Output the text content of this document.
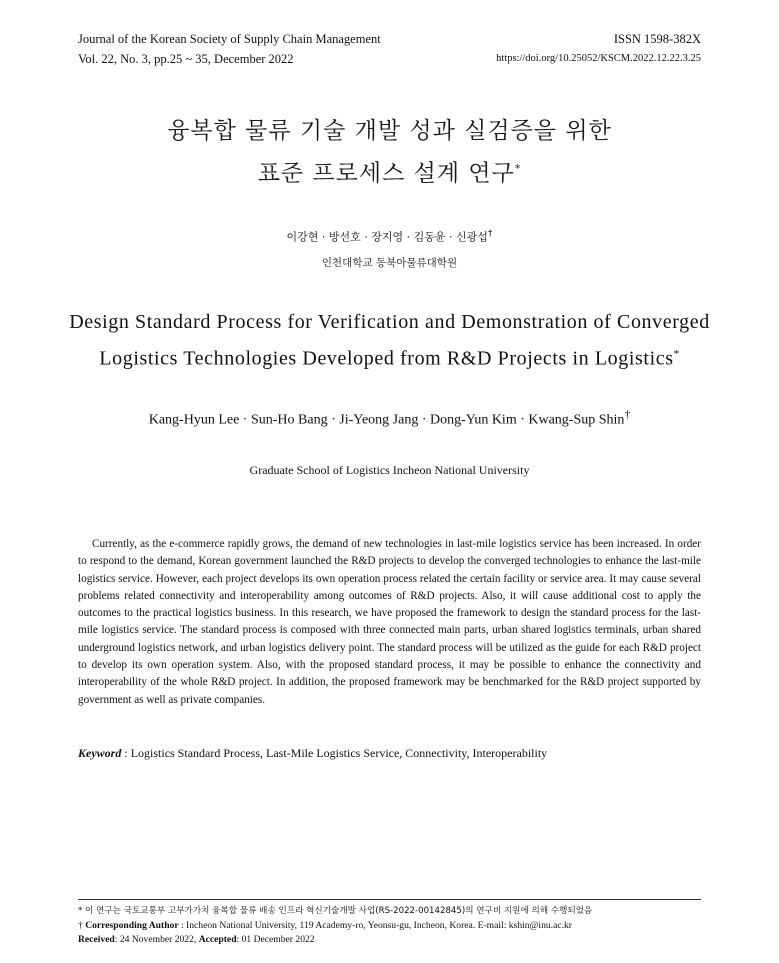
Journal of the Korean Society of Supply Chain Management
Vol. 22, No. 3, pp.25 ~ 35, December 2022
ISSN 1598-382X
https://doi.org/10.25052/KSCM.2022.12.22.3.25
융복합 물류 기술 개발 성과 실검증을 위한
표준 프로세스 설계 연구*
이강현 · 방선호 · 장지영 · 김동윤 · 신광섭†
인천대학교 동북아물류대학원
Design Standard Process for Verification and Demonstration of Converged
Logistics Technologies Developed from R&D Projects in Logistics*
Kang-Hyun Lee · Sun-Ho Bang · Ji-Yeong Jang · Dong-Yun Kim · Kwang-Sup Shin†
Graduate School of Logistics Incheon National University

Currently, as the e-commerce rapidly grows, the demand of new technologies in last-mile logistics service has been increased. In order to respond to the demand, Korean government launched the R&D projects to develop the converged technologies to enhance the last-mile logistics service. However, each project develops its own operation process related the certain facility or service area. It may cause several problems related connectivity and interoperability among outcomes of R&D projects. Also, it will cause additional cost to apply the outcomes to the practical logistics business. In this research, we have proposed the framework to design the standard process for the last-mile logistics service. The standard process is composed with three connected main parts, urban shared logistics terminals, urban shared underground logistics network, and urban logistics delivery point. The standard process will be utilized as the guide for each R&D project to develop its own operation system. Also, with the proposed standard process, it may be possible to enhance the connectivity and interoperability of the whole R&D project. In addition, the proposed framework may be benchmarked for the R&D project supported by government as well as private companies.

Keyword : Logistics Standard Process, Last-Mile Logistics Service, Connectivity, Interoperability
* 이 연구는 국토교통부 고부가가치 융복합 물류 배송 인프라 혁신기술개발 사업(RS-2022-00142845)의 연구비 지원에 의해 수행되었음
† Corresponding Author : Incheon National University, 119 Academy-ro, Yeonsu-gu, Incheon, Korea. E-mail: kshin@inu.ac.kr
Received: 24 November 2022, Accepted: 01 December 2022
